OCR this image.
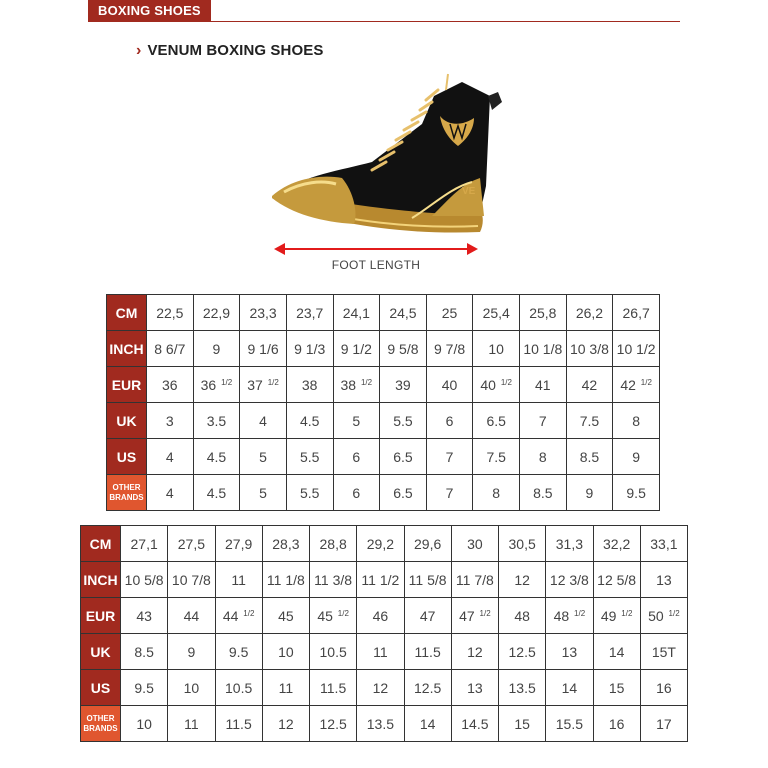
BOXING SHOES
› VENUM BOXING SHOES
VE
FOOT LENGTH
CM	22,5	22,9	23,3	23,7	24,1	24,5	25	25,4	25,8	26,2	26,7
INCH	8 6/7	9	9 1/6	9 1/3	9 1/2	9 5/8	9 7/8	10	10 1/8	10 3/8	10 1/2
EUR	36	36 $^{1/2}$	37 $^{1/2}$	38	38 $^{1/2}$	39	40	40 $^{1/2}$	41	42	42 $^{1/2}$
UK	3	3.5	4	4.5	5	5.5	6	6.5	7	7.5	8
US	4	4.5	5	5.5	6	6.5	7	7.5	8	8.5	9
OTHER
BRANDS	4	4.5	5	5.5	6	6.5	7	8	8.5	9	9.5
CM	27,1	27,5	27,9	28,3	28,8	29,2	29,6	30	30,5	31,3	32,2	33,1
INCH	10 5/8	10 7/8	11	11 1/8	11 3/8	11 1/2	11 5/8	11 7/8	12	12 3/8	12 5/8	13
EUR	43	44	44 $^{1/2}$	45	45 $^{1/2}$	46	47	47 $^{1/2}$	48	48 $^{1/2}$	49 $^{1/2}$	50 $^{1/2}$
UK	8.5	9	9.5	10	10.5	11	11.5	12	12.5	13	14	15T
US	9.5	10	10.5	11	11.5	12	12.5	13	13.5	14	15	16
OTHER
BRANDS	10	11	11.5	12	12.5	13.5	14	14.5	15	15.5	16	17
